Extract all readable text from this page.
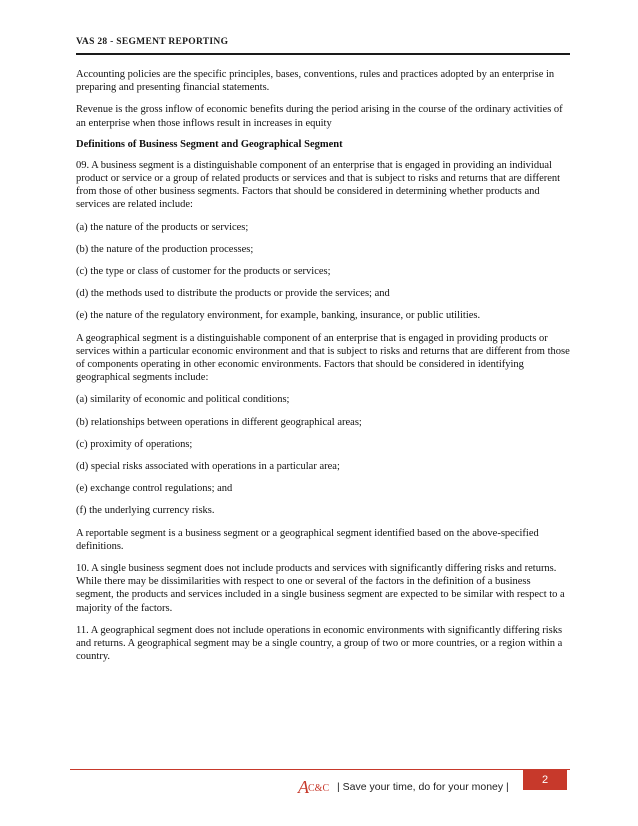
VAS 28 - SEGMENT REPORTING

Accounting policies are the specific principles, bases, conventions, rules and practices adopted by an enterprise in preparing and presenting financial statements.

Revenue is the gross inflow of economic benefits during the period arising in the course of the ordinary activities of an enterprise when those inflows result in increases in equity

Definitions of Business Segment and Geographical Segment

09. A business segment is a distinguishable component of an enterprise that is engaged in providing an individual product or service or a group of related products or services and that is subject to risks and returns that are different from those of other business segments. Factors that should be considered in determining whether products and services are related include:

(a) the nature of the products or services;

(b) the nature of the production processes;

(c) the type or class of customer for the products or services;

(d) the methods used to distribute the products or provide the services; and

(e) the nature of the regulatory environment, for example, banking, insurance, or public utilities.

A geographical segment is a distinguishable component of an enterprise that is engaged in providing products or services within a particular economic environment and that is subject to risks and returns that are different from those of components operating in other economic environments. Factors that should be considered in identifying geographical segments include:

(a) similarity of economic and political conditions;

(b) relationships between operations in different geographical areas;

(c) proximity of operations;

(d) special risks associated with operations in a particular area;

(e) exchange control regulations; and

(f) the underlying currency risks.

A reportable segment is a business segment or a geographical segment identified based on the above-specified definitions.

10. A single business segment does not include products and services with significantly differing risks and returns. While there may be dissimilarities with respect to one or several of the factors in the definition of a business segment, the products and services included in a single business segment are expected to be similar with respect to a majority of the factors.

11. A geographical segment does not include operations in economic environments with significantly differing risks and returns. A geographical segment may be a single country, a group of two or more countries, or a region within a country.

A C&C | Save your time, do for your money |
2
